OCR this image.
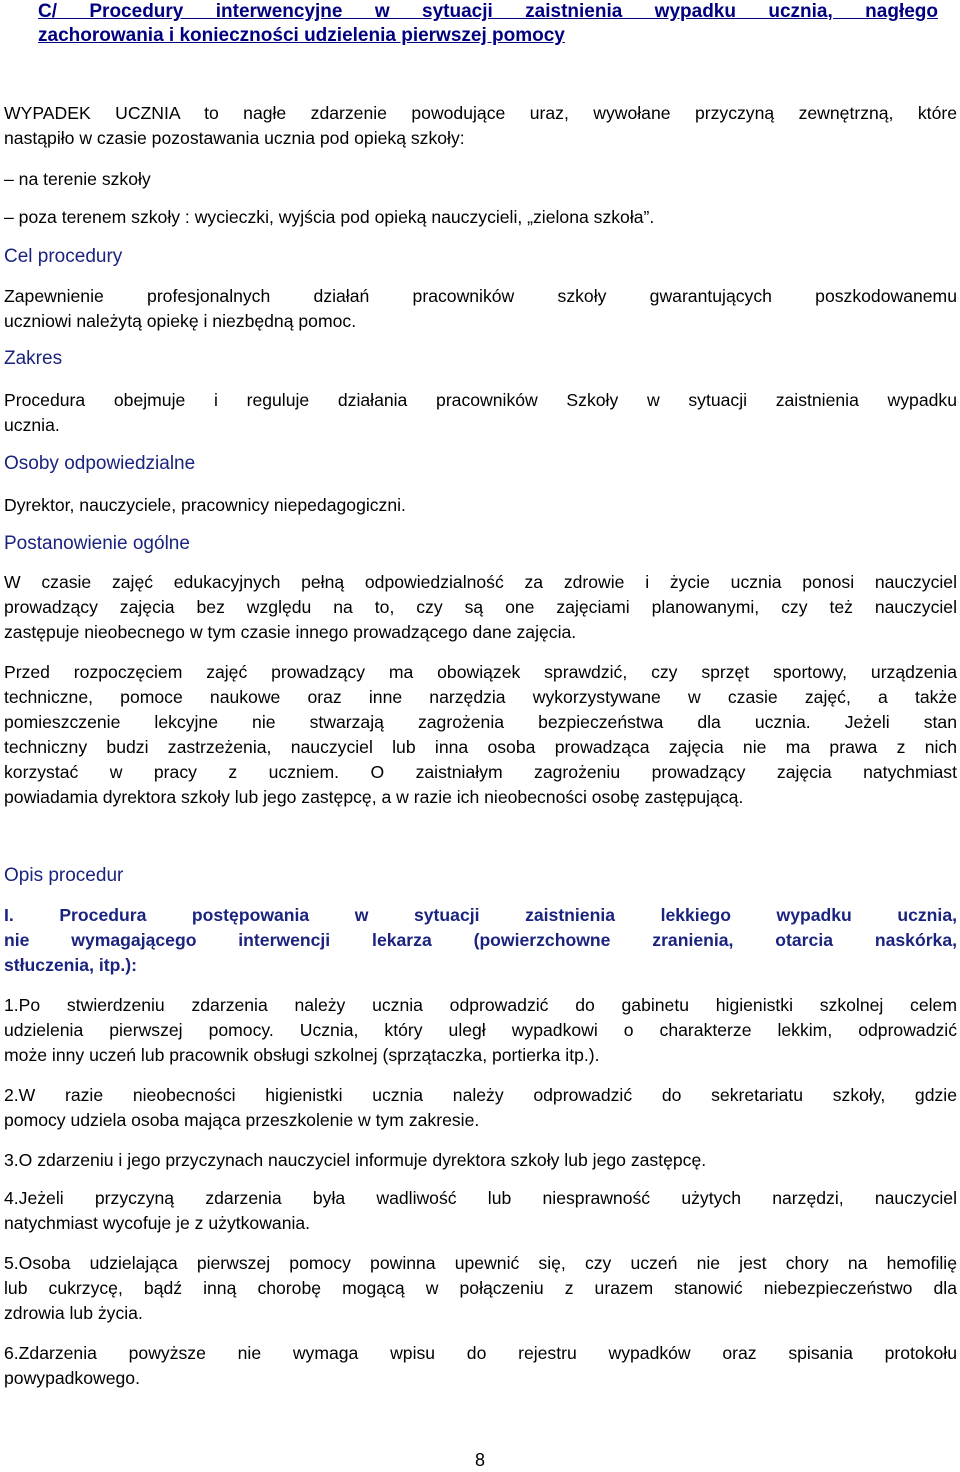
C/ Procedury interwencyjne w sytuacji zaistnienia wypadku ucznia, nagłego
zachorowania i konieczności udzielenia pierwszej pomocy
WYPADEK UCZNIA to nagłe zdarzenie powodujące uraz, wywołane przyczyną zewnętrzną, które
nastąpiło w czasie pozostawania ucznia pod opieką szkoły:
– na terenie szkoły
– poza terenem szkoły : wycieczki, wyjścia pod opieką nauczycieli, „zielona szkoła”.
Cel procedury
Zapewnienie profesjonalnych działań pracowników szkoły gwarantujących poszkodowanemu
uczniowi należytą opiekę i niezbędną pomoc.
Zakres
Procedura obejmuje i reguluje działania pracowników Szkoły w sytuacji zaistnienia wypadku
ucznia.
Osoby odpowiedzialne
Dyrektor, nauczyciele, pracownicy niepedagogiczni.
Postanowienie ogólne
W czasie zajęć edukacyjnych pełną odpowiedzialność za zdrowie i życie ucznia ponosi nauczyciel
prowadzący zajęcia bez względu na to, czy są one zajęciami planowanymi, czy też nauczyciel
zastępuje nieobecnego w tym czasie innego prowadzącego dane zajęcia.
Przed rozpoczęciem zajęć prowadzący ma obowiązek sprawdzić, czy sprzęt sportowy, urządzenia
techniczne, pomoce naukowe oraz inne narzędzia wykorzystywane w czasie zajęć, a także
pomieszczenie lekcyjne nie stwarzają zagrożenia bezpieczeństwa dla ucznia. Jeżeli stan
techniczny budzi zastrzeżenia, nauczyciel lub inna osoba prowadząca zajęcia nie ma prawa z nich
korzystać w pracy z uczniem. O zaistniałym zagrożeniu prowadzący zajęcia natychmiast
powiadamia dyrektora szkoły lub jego zastępcę, a w razie ich nieobecności osobę zastępującą.
Opis procedur
I. Procedura postępowania w sytuacji zaistnienia lekkiego wypadku ucznia,
nie wymagającego interwencji lekarza (powierzchowne zranienia, otarcia naskórka,
stłuczenia, itp.):
1.Po stwierdzeniu zdarzenia należy ucznia odprowadzić do gabinetu higienistki szkolnej celem
udzielenia pierwszej pomocy. Ucznia, który uległ wypadkowi o charakterze lekkim, odprowadzić
może inny uczeń lub pracownik obsługi szkolnej (sprzątaczka, portierka itp.).
2.W razie nieobecności higienistki ucznia należy odprowadzić do sekretariatu szkoły, gdzie
pomocy udziela osoba mająca przeszkolenie w tym zakresie.
3.O zdarzeniu i jego przyczynach nauczyciel informuje dyrektora szkoły lub jego zastępcę.
4.Jeżeli przyczyną zdarzenia była wadliwość lub niesprawność użytych narzędzi, nauczyciel
natychmiast wycofuje je z użytkowania.
5.Osoba udzielająca pierwszej pomocy powinna upewnić się, czy uczeń nie jest chory na hemofilię
lub cukrzycę, bądź inną chorobę mogącą w połączeniu z urazem stanowić niebezpieczeństwo dla
zdrowia lub życia.
6.Zdarzenia powyższe nie wymaga wpisu do rejestru wypadków oraz spisania protokołu
powypadkowego.
8
